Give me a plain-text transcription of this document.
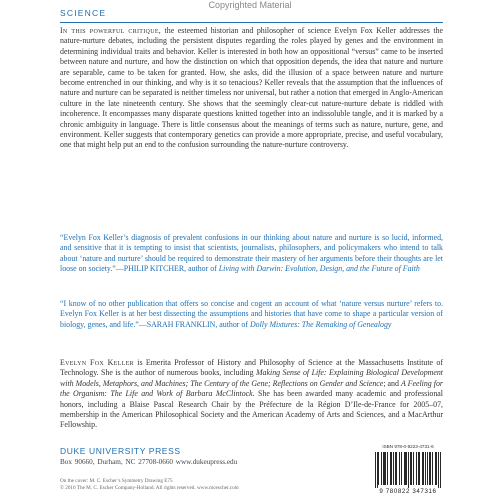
Copyrighted Material
SCIENCE
In this powerful critique, the esteemed historian and philosopher of science Evelyn Fox Keller addresses the nature-nurture debates, including the persistent disputes regarding the roles played by genes and the environment in determining individual traits and behavior. Keller is interested in both how an oppositional “versus” came to be inserted between nature and nurture, and how the distinction on which that opposition depends, the idea that nature and nurture are separable, came to be taken for granted. How, she asks, did the illusion of a space between nature and nurture become entrenched in our thinking, and why is it so tenacious? Keller reveals that the assumption that the influences of nature and nurture can be separated is neither timeless nor universal, but rather a notion that emerged in Anglo-American culture in the late nineteenth century. She shows that the seemingly clear-cut nature-nurture debate is riddled with incoherence. It encompasses many disparate questions knitted together into an indissoluble tangle, and it is marked by a chronic ambiguity in language. There is little consensus about the meanings of terms such as nature, nurture, gene, and environment. Keller suggests that contemporary genetics can provide a more appropriate, precise, and useful vocabulary, one that might help put an end to the confusion surrounding the nature-nurture controversy.
“Evelyn Fox Keller’s diagnosis of prevalent confusions in our thinking about nature and nurture is so lucid, informed, and sensitive that it is tempting to insist that scientists, journalists, philosophers, and policymakers who intend to talk about ‘nature and nurture’ should be required to demonstrate their mastery of her arguments before their thoughts are let loose on society.”—PHILIP KITCHER, author of Living with Darwin: Evolution, Design, and the Future of Faith
“I know of no other publication that offers so concise and cogent an account of what ‘nature versus nurture’ refers to. Evelyn Fox Keller is at her best dissecting the assumptions and histories that have come to shape a particular version of biology, genes, and life.”—SARAH FRANKLIN, author of Dolly Mixtures: The Remaking of Genealogy
Evelyn Fox Keller is Emerita Professor of History and Philosophy of Science at the Massachusetts Institute of Technology. She is the author of numerous books, including Making Sense of Life: Explaining Biological Development with Models, Metaphors, and Machines; The Century of the Gene; Reflections on Gender and Science; and A Feeling for the Organism: The Life and Work of Barbara McClintock. She has been awarded many academic and professional honors, including a Blaise Pascal Research Chair by the Préfecture de la Région D’Ile-de-France for 2005–07, membership in the American Philosophical Society and the American Academy of Arts and Sciences, and a MacArthur Fellowship.
DUKE UNIVERSITY PRESS
Box 90660, Durham, NC 27708-0660 www.dukeupress.edu
On the cover: M. C. Escher’s Symmetry Drawing E75
© 2010 The M. C. Escher Company-Holland. All rights reserved. www.mcescher.com
ISBN 978-0-8223-4731-6
9 780822 347316
